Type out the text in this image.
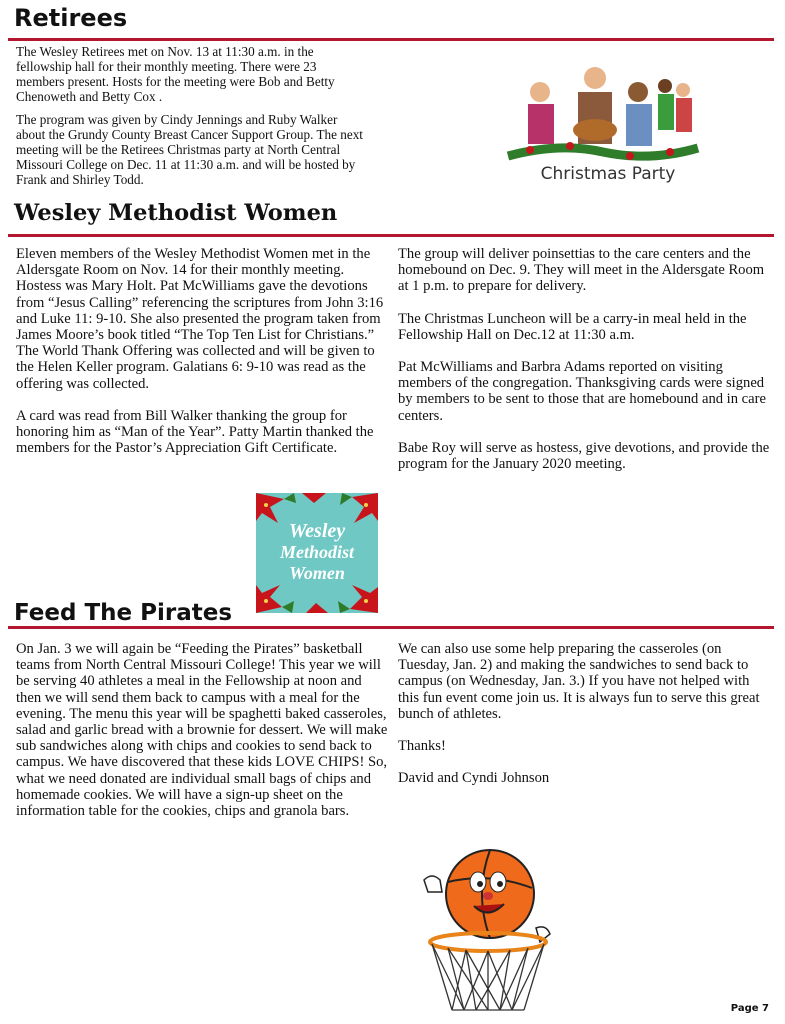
Retirees

The Wesley Retirees met on Nov. 13 at 11:30 a.m. in the fellowship hall for their monthly meeting. There were 23 members present. Hosts for the meeting were Bob and Betty Chenoweth and Betty Cox .

The program was given by Cindy Jennings and Ruby Walker about the Grundy County Breast Cancer Support Group. The next meeting will be the Retirees Christmas party at North Central Missouri College on Dec. 11 at 11:30 a.m. and will be hosted by Frank and Shirley Todd.	Christmas Party
Wesley Methodist Women

Eleven members of the Wesley Methodist Women met in the Aldersgate Room on Nov. 14 for their monthly meeting. Hostess was Mary Holt. Pat McWilliams gave the devotions from “Jesus Calling” referencing the scriptures from John 3:16 and Luke 11: 9-10. She also presented the program taken from James Moore’s book titled “The Top Ten List for Christians.” The World Thank Offering was collected and will be given to the Helen Keller program. Galatians 6: 9-10 was read as the offering was collected.

A card was read from Bill Walker thanking the group for honoring him as “Man of the Year”. Patty Martin thanked the members for the Pastor’s Appreciation Gift Certificate.

The group will deliver poinsettias to the care centers and the homebound on Dec. 9. They will meet in the Aldersgate Room at 1 p.m. to prepare for delivery.

The Christmas Luncheon will be a carry-in meal held in the Fellowship Hall on Dec.12 at 11:30 a.m.

Pat McWilliams and Barbra Adams reported on visiting members of the congregation. Thanksgiving cards were signed by members to be sent to those that are homebound and in care centers.

Babe Roy will serve as hostess, give devotions, and provide the program for the January 2020 meeting.

Wesley
Methodist
Women
Feed The Pirates

On Jan. 3 we will again be “Feeding the Pirates” basketball teams from North Central Missouri College! This year we will be serving 40 athletes a meal in the Fellowship at noon and then we will send them back to campus with a meal for the evening. The menu this year will be spaghetti baked casseroles, salad and garlic bread with a brownie for dessert. We will make sub sandwiches along with chips and cookies to send back to campus. We have discovered that these kids LOVE CHIPS! So, what we need donated are individual small bags of chips and homemade cookies. We will have a sign-up sheet on the information table for the cookies, chips and granola bars.

We can also use some help preparing the casseroles (on Tuesday, Jan. 2) and making the sandwiches to send back to campus (on Wednesday, Jan. 3.) If you have not helped with this fun event come join us. It is always fun to serve this great bunch of athletes.

Thanks!

David and Cyndi Johnson

Page 7
